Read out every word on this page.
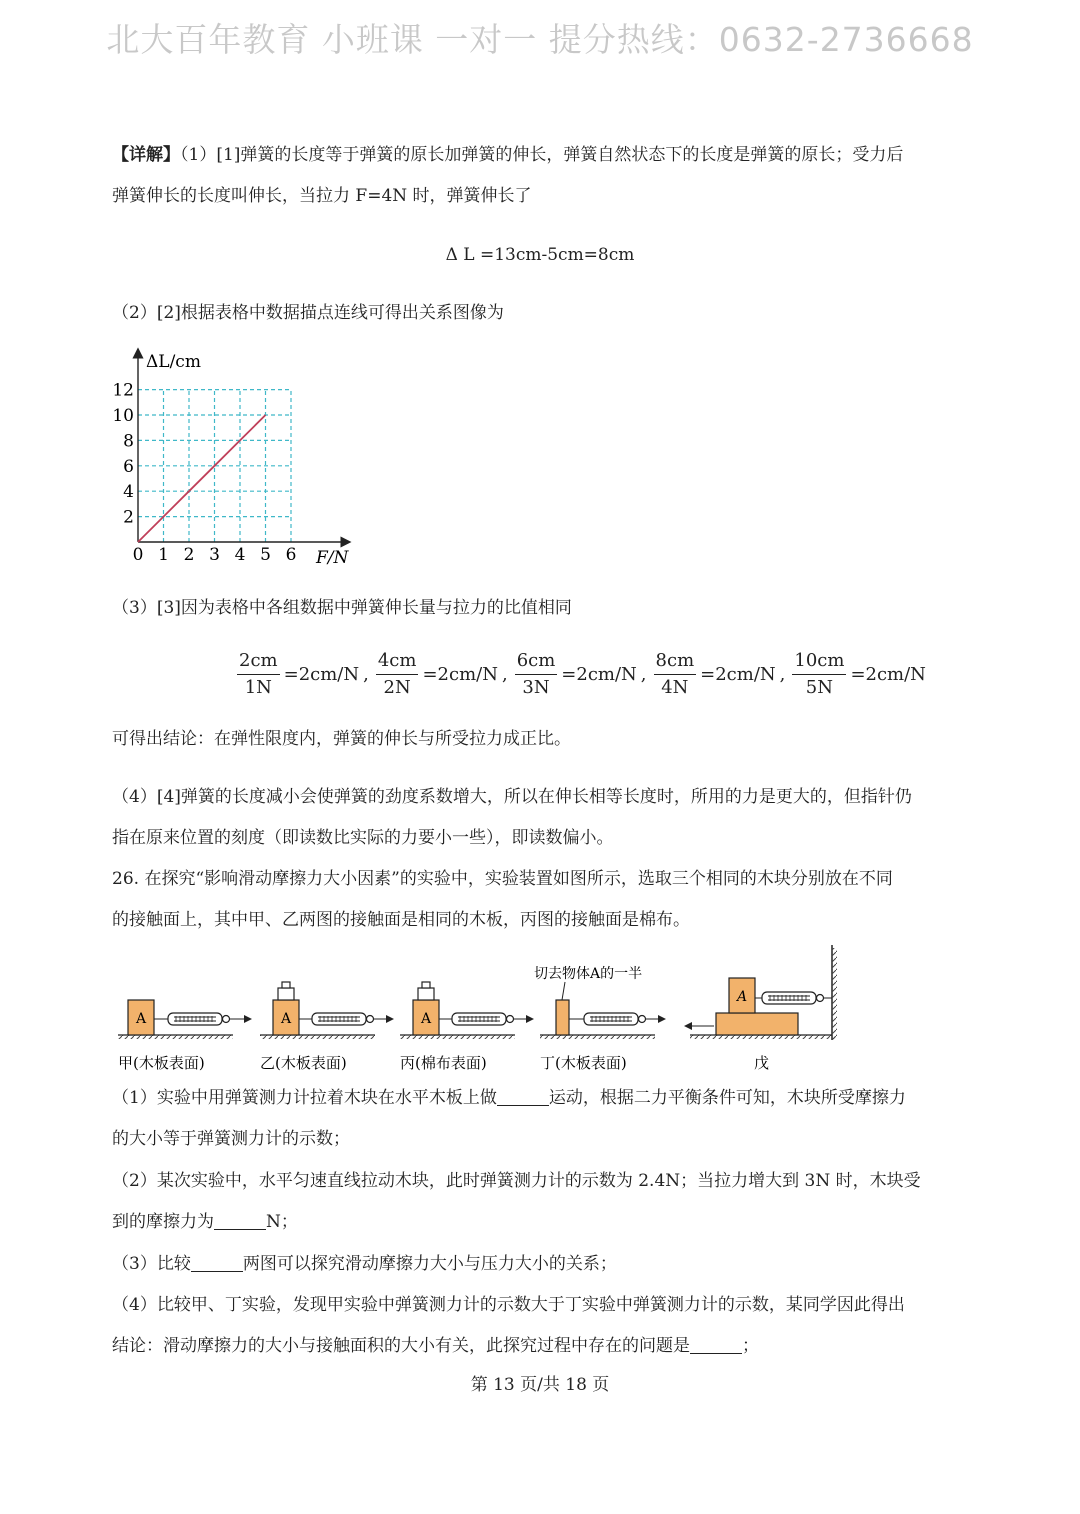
北大百年教育 小班课 一对一 提分热线：0632-2736668

【详解】（1）[1]弹簧的长度等于弹簧的原长加弹簧的伸长，弹簧自然状态下的长度是弹簧的原长；受力后

弹簧伸长的长度叫伸长，当拉力 F=4N 时，弹簧伸长了

Δ L =13cm-5cm=8cm

（2）[2]根据表格中数据描点连线可得出关系图像为

0 1 2 3 4 5 6
2
4
6
8
10
12
ΔL/cm
F/N

（3）[3]因为表格中各组数据中弹簧伸长量与拉力的比值相同

$\frac{2cm}{1N} =2cm/N$ , $\frac{4cm}{2N} =2cm/N$ , $\frac{6cm}{3N} =2cm/N$ , $\frac{8cm}{4N} =2cm/N$ , $\frac{10cm}{5N} =2cm/N$

可得出结论：在弹性限度内，弹簧的伸长与所受拉力成正比。

（4）[4]弹簧的长度减小会使弹簧的劲度系数增大，所以在伸长相等长度时，所用的力是更大的，但指针仍

指在原来位置的刻度（即读数比实际的力要小一些），即读数偏小。

26. 在探究“影响滑动摩擦力大小因素”的实验中，实验装置如图所示，选取三个相同的木块分别放在不同

的接触面上，其中甲、乙两图的接触面是相同的木板，丙图的接触面是棉布。

A
甲(木板表面)
A
乙(木板表面)
A
丙(棉布表面)
切去物体A的一半
丁(木板表面)
A
戊

（1）实验中用弹簧测力计拉着木块在水平木板上做	运动，根据二力平衡条件可知，木块所受摩擦力

的大小等于弹簧测力计的示数；

（2）某次实验中，水平匀速直线拉动木块，此时弹簧测力计的示数为 2.4N；当拉力增大到 3N 时，木块受

到的摩擦力为	N；

（3）比较	两图可以探究滑动摩擦力大小与压力大小的关系；

（4）比较甲、丁实验，发现甲实验中弹簧测力计的示数大于丁实验中弹簧测力计的示数，某同学因此得出

结论：滑动摩擦力的大小与接触面积的大小有关，此探究过程中存在的问题是	；

第 13 页/共 18 页
